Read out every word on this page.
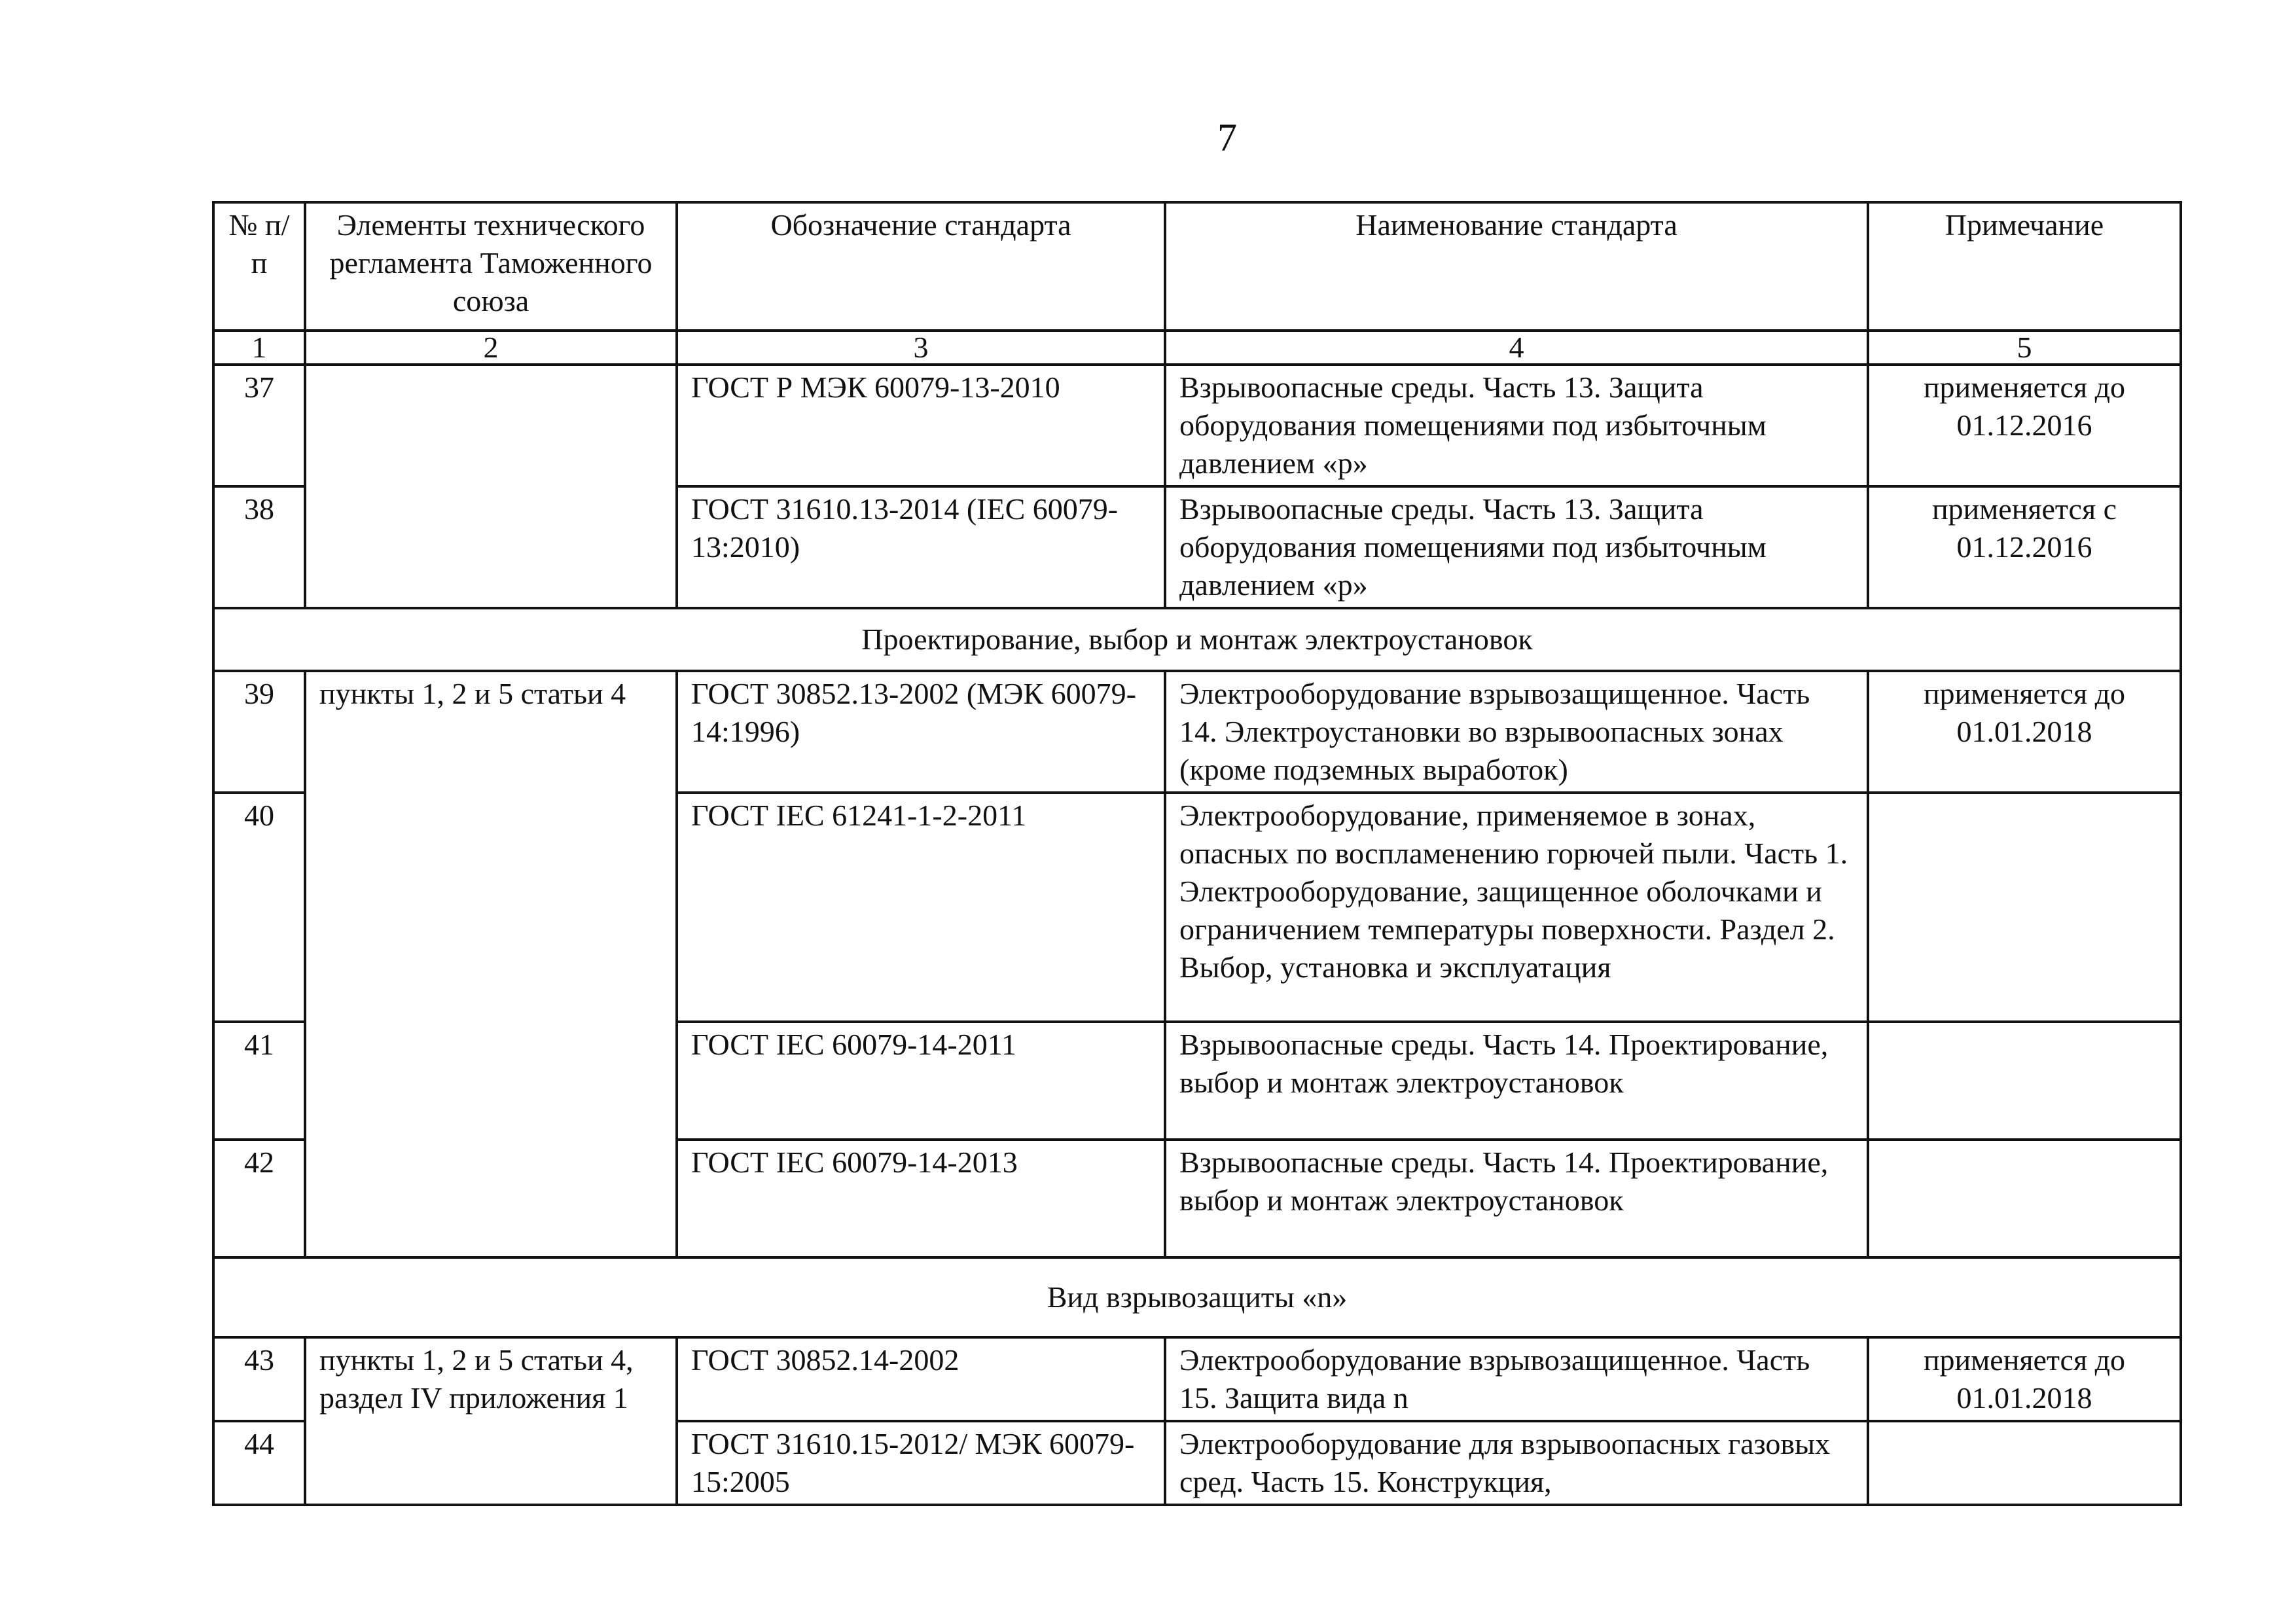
7
№ п/п	Элементы технического регламента Таможенного союза	Обозначение стандарта	Наименование стандарта	Примечание
1	2	3	4	5
37		ГОСТ Р МЭК 60079-13-2010	Взрывоопасные среды. Часть 13. Защита оборудования помещениями под избыточным давлением «р»	применяется до 01.12.2016
38		ГОСТ 31610.13-2014 (IEC 60079-13:2010)	Взрывоопасные среды. Часть 13. Защита оборудования помещениями под избыточным давлением «р»	применяется с 01.12.2016
Проектирование, выбор и монтаж электроустановок				
39	пункты 1, 2 и 5 статьи 4	ГОСТ 30852.13-2002 (МЭК 60079-14:1996)	Электрооборудование взрывозащищенное. Часть 14. Электроустановки во взрывоопасных зонах (кроме подземных выработок)	применяется до 01.01.2018
40		ГОСТ IEC 61241-1-2-2011	Электрооборудование, применяемое в зонах, опасных по воспламенению горючей пыли. Часть 1. Электрооборудование, защищенное оболочками и ограничением температуры поверхности. Раздел 2. Выбор, установка и эксплуатация	
41		ГОСТ IEC 60079-14-2011	Взрывоопасные среды. Часть 14. Проектирование, выбор и монтаж электроустановок	
42		ГОСТ IEC 60079-14-2013	Взрывоопасные среды. Часть 14. Проектирование, выбор и монтаж электроустановок	
Вид взрывозащиты «n»				
43	пункты 1, 2 и 5 статьи 4, раздел IV приложения 1	ГОСТ 30852.14-2002	Электрооборудование взрывозащищенное. Часть 15. Защита вида n	применяется до 01.01.2018
44		ГОСТ 31610.15-2012/ МЭК 60079-15:2005	Электрооборудование для взрывоопасных газовых сред. Часть 15. Конструкция,	
